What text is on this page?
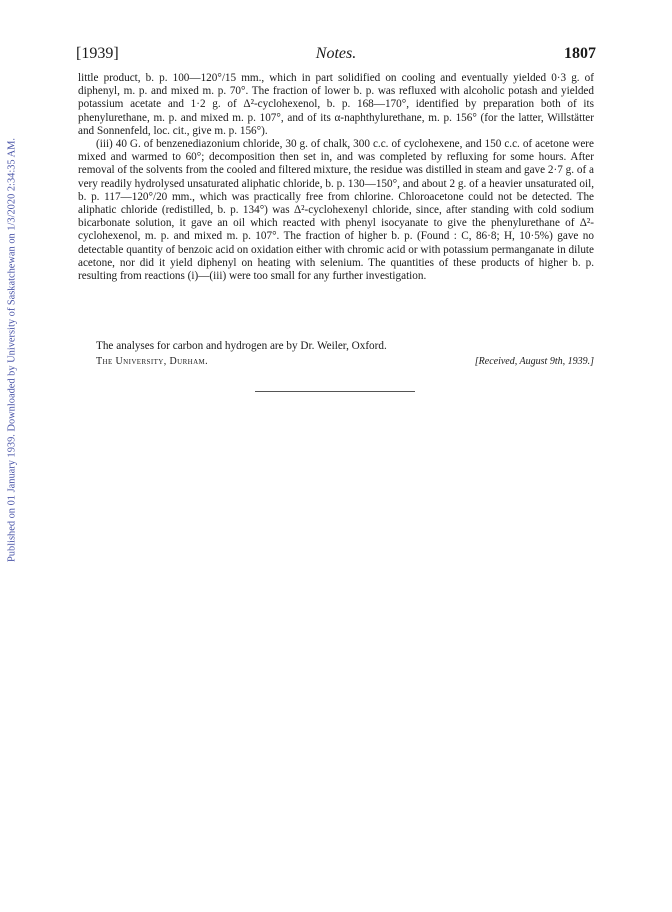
Published on 01 January 1939. Downloaded by University of Saskatchewan on 1/3/2020 2:34:35 AM.
[1939]	Notes.	1807

little product, b. p. 100—120°/15 mm., which in part solidified on cooling and eventually yielded 0·3 g. of diphenyl, m. p. and mixed m. p. 70°. The fraction of lower b. p. was refluxed with alcoholic potash and yielded potassium acetate and 1·2 g. of Δ²-cyclohexenol, b. p. 168—170°, identified by preparation both of its phenylurethane, m. p. and mixed m. p. 107°, and of its α-naphthylurethane, m. p. 156° (for the latter, Willstätter and Sonnenfeld, loc. cit., give m. p. 156°).

(iii) 40 G. of benzenediazonium chloride, 30 g. of chalk, 300 c.c. of cyclohexene, and 150 c.c. of acetone were mixed and warmed to 60°; decomposition then set in, and was completed by refluxing for some hours. After removal of the solvents from the cooled and filtered mixture, the residue was distilled in steam and gave 2·7 g. of a very readily hydrolysed unsaturated aliphatic chloride, b. p. 130—150°, and about 2 g. of a heavier unsaturated oil, b. p. 117—120°/20 mm., which was practically free from chlorine. Chloroacetone could not be detected. The aliphatic chloride (redistilled, b. p. 134°) was Δ²-cyclohexenyl chloride, since, after standing with cold sodium bicarbonate solution, it gave an oil which reacted with phenyl isocyanate to give the phenylurethane of Δ²-cyclohexenol, m. p. and mixed m. p. 107°. The fraction of higher b. p. (Found : C, 86·8; H, 10·5%) gave no detectable quantity of benzoic acid on oxidation either with chromic acid or with potassium permanganate in dilute acetone, nor did it yield diphenyl on heating with selenium. The quantities of these products of higher b. p. resulting from reactions (i)—(iii) were too small for any further investigation.

The analyses for carbon and hydrogen are by Dr. Weiler, Oxford.
The University, Durham.	[Received, August 9th, 1939.]
